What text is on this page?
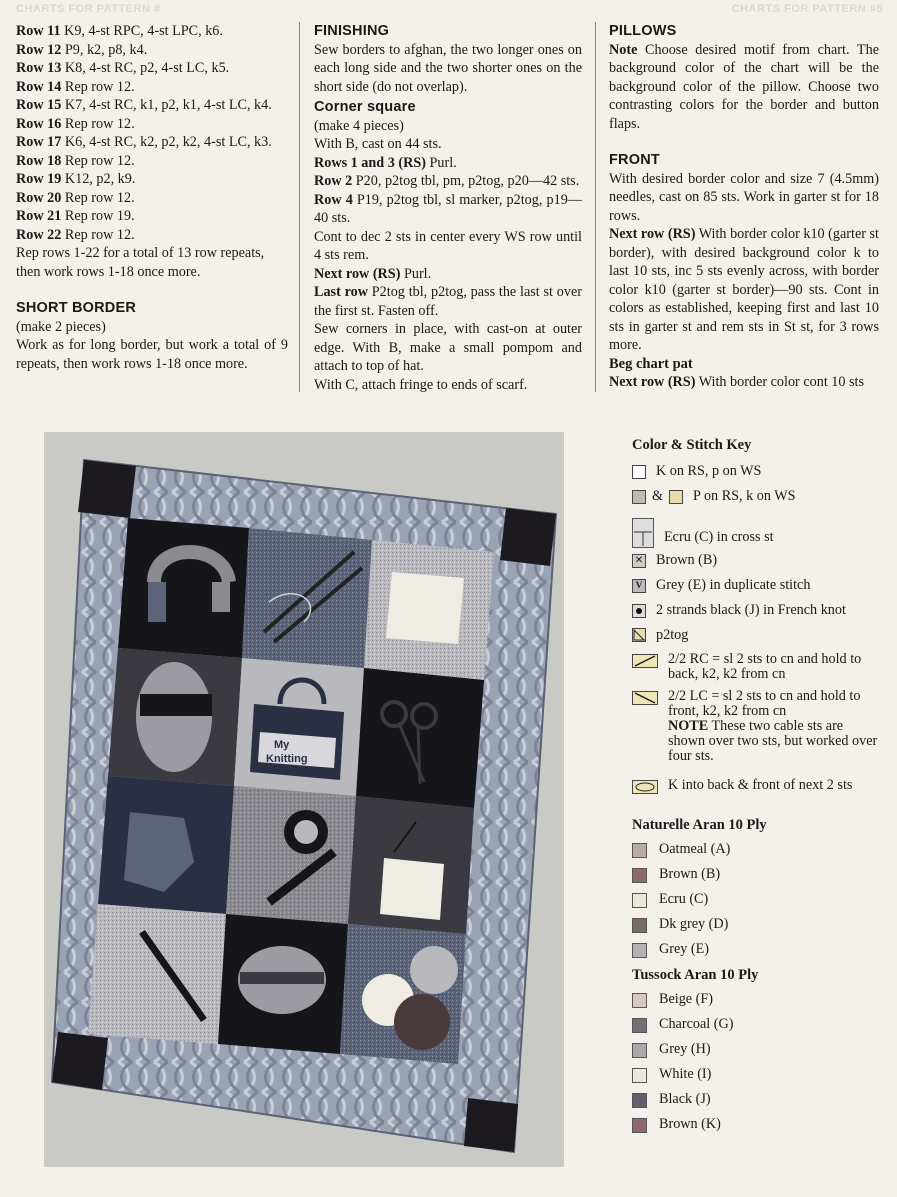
CHARTS FOR PATTERN #	CHARTS FOR PATTERN #5

Row 11 K9, 4-st RPC, 4-st LPC, k6.

Row 12 P9, k2, p8, k4.

Row 13 K8, 4-st RC, p2, 4-st LC, k5.

Row 14 Rep row 12.

Row 15 K7, 4-st RC, k1, p2, k1, 4-st LC, k4.

Row 16 Rep row 12.

Row 17 K6, 4-st RC, k2, p2, k2, 4-st LC, k3.

Row 18 Rep row 12.

Row 19 K12, p2, k9.

Row 20 Rep row 12.

Row 21 Rep row 19.

Row 22 Rep row 12.

Rep rows 1-22 for a total of 13 row repeats, then work rows 1-18 once more.

SHORT BORDER

(make 2 pieces)

Work as for long border, but work a total of 9 repeats, then work rows 1-18 once more.

FINISHING

Sew borders to afghan, the two longer ones on each long side and the two shorter ones on the short side (do not overlap).

Corner square

(make 4 pieces)

With B, cast on 44 sts.

Rows 1 and 3 (RS) Purl.

Row 2 P20, p2tog tbl, pm, p2tog, p20—42 sts.

Row 4 P19, p2tog tbl, sl marker, p2tog, p19—40 sts.

Cont to dec 2 sts in center every WS row until 4 sts rem.

Next row (RS) Purl.

Last row P2tog tbl, p2tog, pass the last st over the first st. Fasten off.

Sew corners in place, with cast-on at outer edge. With B, make a small pompom and attach to top of hat.

With C, attach fringe to ends of scarf.

PILLOWS

Note Choose desired motif from chart. The background color of the chart will be the background color of the pillow. Choose two contrasting colors for the border and button flaps.

FRONT

With desired border color and size 7 (4.5mm) needles, cast on 85 sts. Work in garter st for 18 rows.

Next row (RS) With border color k10 (garter st border), with desired background color k to last 10 sts, inc 5 sts evenly across, with border color k10 (garter st border)—90 sts. Cont in colors as established, keeping first and last 10 sts in garter st and rem sts in St st, for 3 rows more.

Beg chart pat

Next row (RS) With border color cont 10 sts

My
Knitting

Color & Stitch Key

K on RS, p on WS
& P on RS, k on WS
Ecru (C) in cross st
✕ Brown (B)
V Grey (E) in duplicate stitch
2 strands black (J) in French knot
p2tog
2/2 RC = sl 2 sts to cn and hold to back, k2, k2 from cn
2/2 LC = sl 2 sts to cn and hold to front, k2, k2 from cn
NOTE These two cable sts are shown over two sts, but worked over four sts.
K into back & front of next 2 sts

Naturelle Aran 10 Ply

Oatmeal (A)
Brown (B)
Ecru (C)
Dk grey (D)
Grey (E)

Tussock Aran 10 Ply

Beige (F)
Charcoal (G)
Grey (H)
White (I)
Black (J)
Brown (K)
